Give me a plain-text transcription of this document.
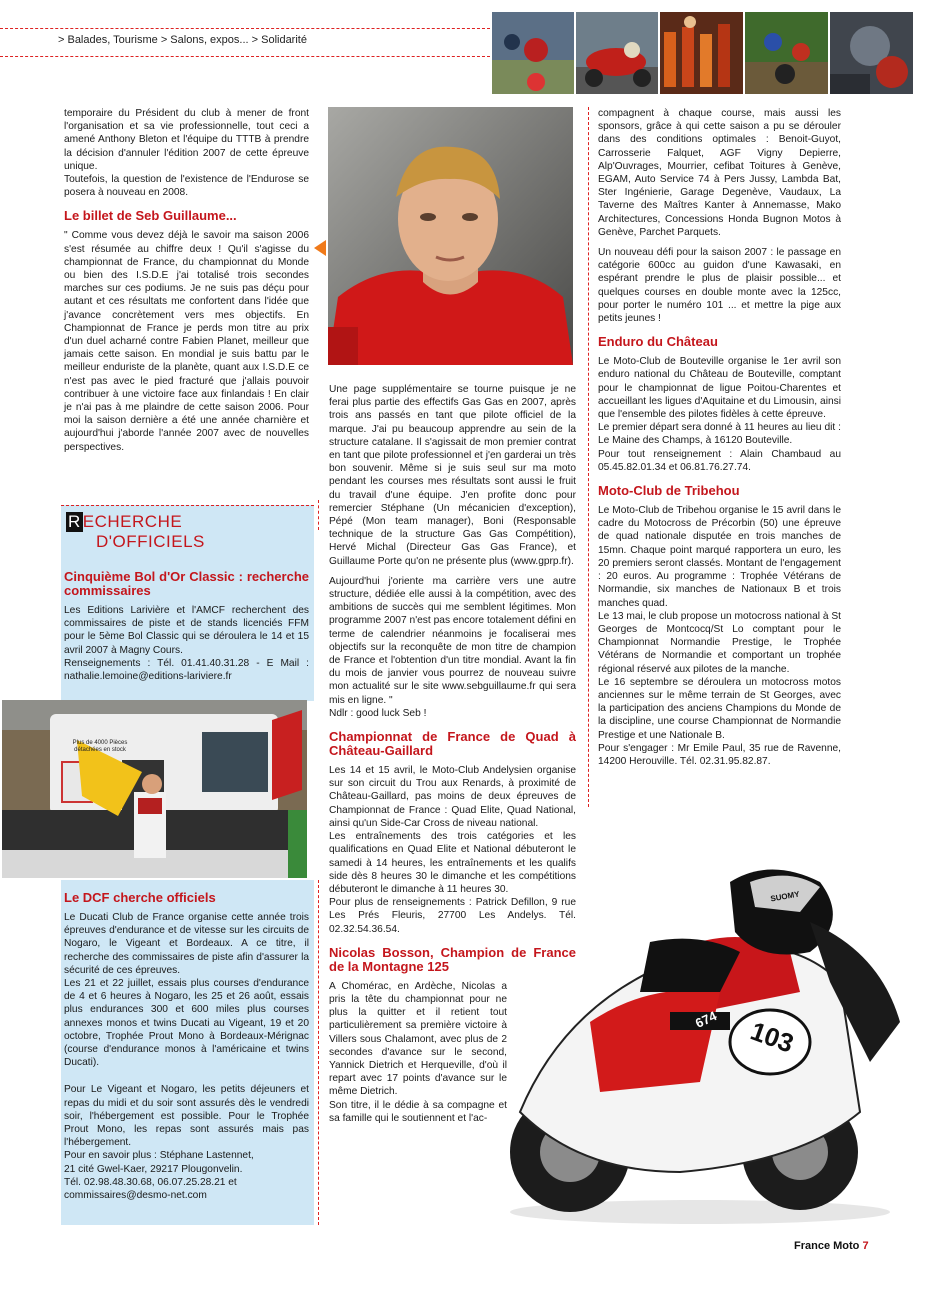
> Balades, Tourisme > Salons, expos... > Solidarité

temporaire du Président du club à mener de front l'organisation et sa vie professionnelle, tout ceci a amené Anthony Bleton et l'équipe du TTTB à prendre la décision d'annuler l'édition 2007 de cette épreuve unique.

Toutefois, la question de l'existence de l'Endurose se posera à nouveau en 2008.

Le billet de Seb Guillaume...

" Comme vous devez déjà le savoir ma saison 2006 s'est résumée au chiffre deux ! Qu'il s'agisse du championnat de France, du championnat du Monde ou bien des I.S.D.E j'ai totalisé trois secondes marches sur ces podiums. Je ne suis pas déçu pour autant et ces résultats me confortent dans l'idée que j'avance concrètement vers mes objectifs. En Championnat de France je perds mon titre au prix d'un duel acharné contre Fabien Planet, meilleur que jamais cette saison. En mondial je suis battu par le meilleur enduriste de la planète, quant aux I.S.D.E ce n'est pas avec le pied fracturé que j'allais pouvoir contribuer à une victoire face aux finlandais ! En clair je n'ai pas à me plaindre de cette saison 2006. Pour moi la saison dernière a été une année charnière et aujourd'hui j'aborde l'année 2007 avec de nouvelles perspectives.

R ECHERCHE
D'OFFICIELS
Cinquième Bol d'Or Classic : recherche commissaires

Les Editions Larivière et l'AMCF recherchent des commissaires de piste et de stands licenciés FFM pour le 5ème Bol Classic qui se déroulera le 14 et 15 avril 2007 à Magny Cours.

Renseignements : Tél. 01.41.40.31.28 - E Mail : nathalie.lemoine@editions-lariviere.fr

Plus de 4000 Pièces détachées en stock
Le DCF cherche officiels

Le Ducati Club de France organise cette année trois épreuves d'endurance et de vitesse sur les circuits de Nogaro, le Vigeant et Bordeaux. A ce titre, il recherche des commissaires de piste afin d'assurer la sécurité de ces épreuves.

Les 21 et 22 juillet, essais plus courses d'endurance de 4 et 6 heures à Nogaro, les 25 et 26 août, essais plus endurances 300 et 600 miles plus courses annexes monos et twins Ducati au Vigeant, 19 et 20 octobre, Trophée Prout Mono à Bordeaux-Mérignac (course d'endurance monos à l'américaine et twins Ducati).

Pour Le Vigeant et Nogaro, les petits déjeuners et repas du midi et du soir sont assurés dès le vendredi soir, l'hébergement est possible. Pour le Trophée Prout Mono, les repas sont assurés mais pas l'hébergement.

Pour en savoir plus : Stéphane Lastennet,
21 cité Gwel-Kaer, 29217 Plougonvelin.
Tél. 02.98.48.30.68, 06.07.25.28.21 et
commissaires@desmo-net.com

Une page supplémentaire se tourne puisque je ne ferai plus partie des effectifs Gas Gas en 2007, après trois ans passés en tant que pilote officiel de la marque. J'ai pu beaucoup apprendre au sein de la structure catalane. Il s'agissait de mon premier contrat en tant que pilote professionnel et j'en garderai un très bon souvenir. Même si je suis seul sur ma moto pendant les courses mes résultats sont aussi le fruit du travail d'une équipe. J'en profite donc pour remercier Stéphane (Un mécanicien d'exception), Pépé (Mon team manager), Boni (Responsable technique de la structure Gas Gas Compétition), Hervé Michal (Directeur Gas Gas France), et Guillaume Porte qu'on ne présente plus (www.gprp.fr).

Aujourd'hui j'oriente ma carrière vers une autre structure, dédiée elle aussi à la compétition, avec des ambitions de succès qui me semblent légitimes. Mon programme 2007 n'est pas encore totalement défini en terme de calendrier néanmoins je focaliserai mes objectifs sur la reconquête de mon titre de champion de France et l'obtention d'un titre mondial. Avant la fin du mois de janvier vous pourrez de nouveau suivre mon actualité sur le site www.sebguillaume.fr qui sera mis en ligne. "

Ndlr : good luck Seb !

Championnat de France de Quad à Château-Gaillard

Les 14 et 15 avril, le Moto-Club Andelysien organise sur son circuit du Trou aux Renards, à proximité de Château-Gaillard, pas moins de deux épreuves de Championnat de France : Quad Elite, Quad National, ainsi qu'un Side-Car Cross de niveau national.

Les entraînements des trois catégories et les qualifications en Quad Elite et National débuteront le samedi à 14 heures, les entraînements et les qualifs side dès 8 heures 30 le dimanche et les compétitions débuteront le dimanche à 11 heures 30.

Pour plus de renseignements : Patrick Defillon, 9 rue Les Prés Fleuris, 27700 Les Andelys. Tél. 02.32.54.36.54.

Nicolas Bosson, Champion de France de la Montagne 125

A Chomérac, en Ardèche, Nicolas a pris la tête du championnat pour ne plus la quitter et il retient tout particulièrement sa première victoire à Villers sous Chalamont, avec plus de 2 secondes d'avance sur le second, Yannick Dietrich et Herqueville, d'où il repart avec 17 points d'avance sur le même Dietrich.

Son titre, il le dédie à sa compagne et sa famille qui le soutiennent et l'ac-

compagnent à chaque course, mais aussi les sponsors, grâce à qui cette saison a pu se dérouler dans des conditions optimales : Benoit-Guyot, Carrosserie Falquet, AGF Vigny Depierre, Alp'Ouvrages, Mourrier, cefibat Toitures à Genève, EGAM, Auto Service 74 à Pers Jussy, Lambda Bat, Ster Ingénierie, Garage Degenève, Vaudaux, La Taverne des Maîtres Kanter à Annemasse, Mako Architectures, Concessions Honda Bugnon Motos à Genève, Parchet Parquets.

Un nouveau défi pour la saison 2007 : le passage en catégorie 600cc au guidon d'une Kawasaki, en espérant prendre le plus de plaisir possible... et quelques courses en double monte avec la 125cc, pour porter le numéro 101 ... et mettre la pige aux petits jeunes !

Enduro du Château

Le Moto-Club de Bouteville organise le 1er avril son enduro national du Château de Bouteville, comptant pour le championnat de ligue Poitou-Charentes et accueillant les ligues d'Aquitaine et du Limousin, ainsi que l'ensemble des pilotes fidèles à cette épreuve.

Le premier départ sera donné à 11 heures au lieu dit : Le Maine des Champs, à 16120 Bouteville.

Pour tout renseignement : Alain Chambaud au 05.45.82.01.34 et 06.81.76.27.74.

Moto-Club de Tribehou

Le Moto-Club de Tribehou organise le 15 avril dans le cadre du Motocross de Précorbin (50) une épreuve de quad nationale disputée en trois manches de 15mn. Chaque point marqué rapportera un euro, les 20 premiers seront classés. Montant de l'engagement : 20 euros. Au programme : Trophée Vétérans de Normandie, six manches de Nationaux B et trois manches quad.

Le 13 mai, le club propose un motocross national à St Georges de Montcocq/St Lo comptant pour le Championnat Normandie Prestige, le Trophée Vétérans de Normandie et comportant un trophée régional réservé aux pilotes de la manche.

Le 16 septembre se déroulera un motocross motos anciennes sur le même terrain de St Georges, avec la participation des anciens Champions du Monde de la discipline, une course Championnat de Normandie Prestige et une Nationale B.

Pour s'engager : Mr Emile Paul, 35 rue de Ravenne, 14200 Herouville. Tél. 02.31.95.82.87.

103
674
SUOMY
France Moto 7
